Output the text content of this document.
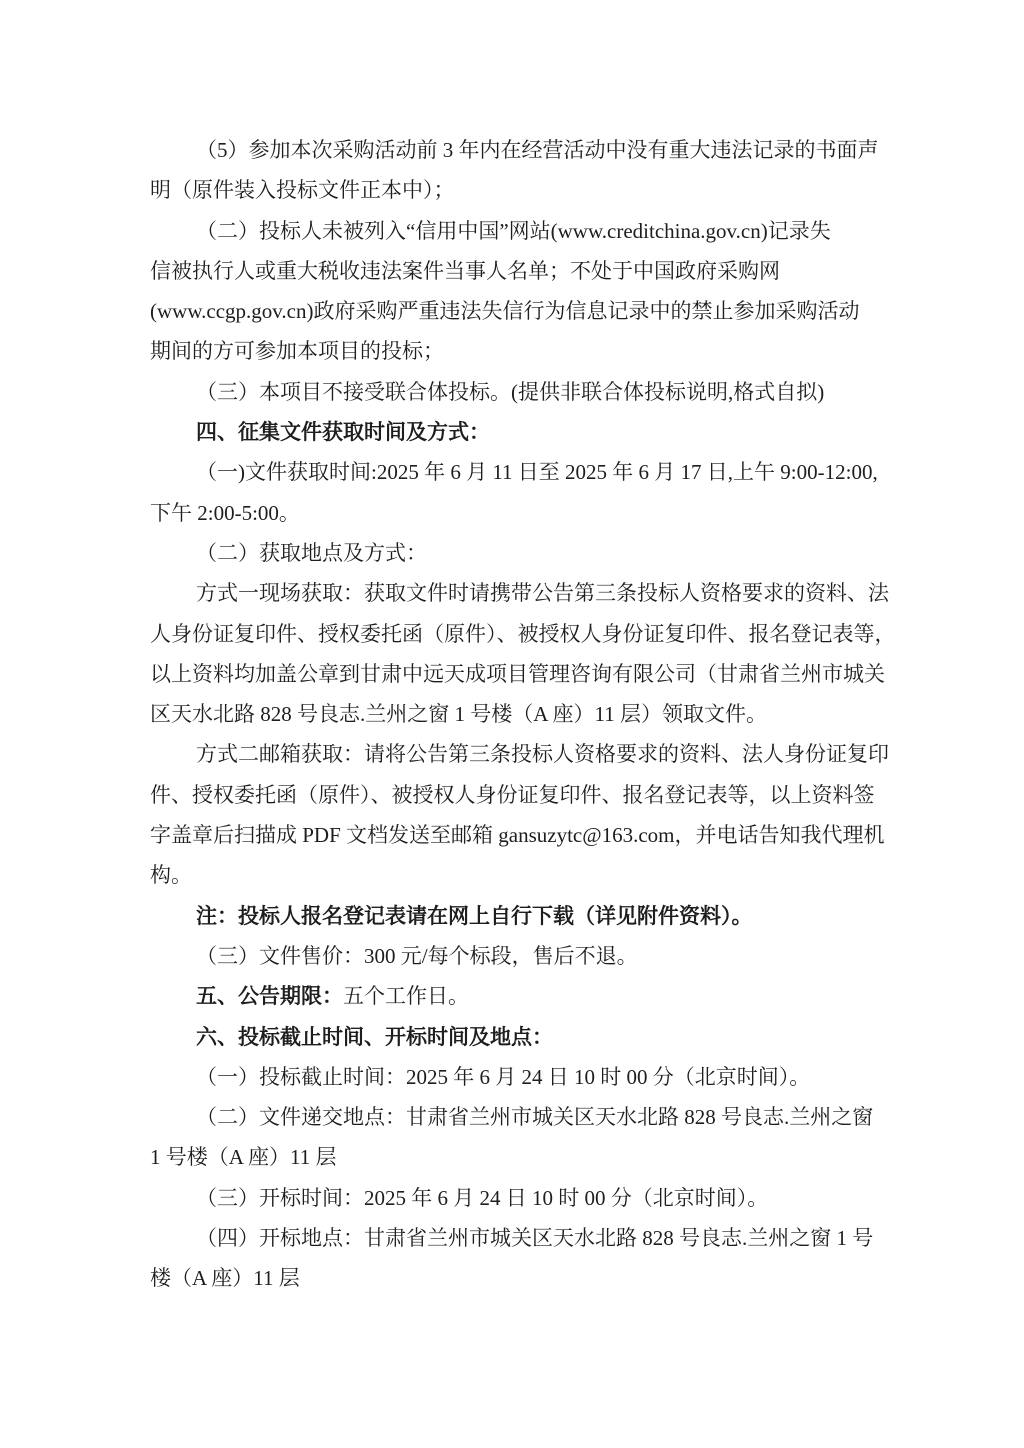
（5）参加本次采购活动前 3 年内在经营活动中没有重大违法记录的书面声
明（原件装入投标文件正本中）；
（二）投标人未被列入“信用中国”网站(www.creditchina.gov.cn)记录失
信被执行人或重大税收违法案件当事人名单；不处于中国政府采购网
(www.ccgp.gov.cn)政府采购严重违法失信行为信息记录中的禁止参加采购活动
期间的方可参加本项目的投标；
（三）本项目不接受联合体投标。(提供非联合体投标说明,格式自拟)
四、征集文件获取时间及方式：
（一)文件获取时间:2025 年 6 月 11 日至 2025 年 6 月 17 日,上午 9:00-12:00,
下午 2:00-5:00。
（二）获取地点及方式：
方式一现场获取：获取文件时请携带公告第三条投标人资格要求的资料、法
人身份证复印件、授权委托函（原件）、被授权人身份证复印件、报名登记表等，
以上资料均加盖公章到甘肃中远天成项目管理咨询有限公司（甘肃省兰州市城关
区天水北路 828 号良志.兰州之窗 1 号楼（A 座）11 层）领取文件。
方式二邮箱获取：请将公告第三条投标人资格要求的资料、法人身份证复印
件、授权委托函（原件）、被授权人身份证复印件、报名登记表等，以上资料签
字盖章后扫描成 PDF 文档发送至邮箱 gansuzytc@163.com，并电话告知我代理机
构。
注：投标人报名登记表请在网上自行下载（详见附件资料）。
（三）文件售价：300 元/每个标段，售后不退。
五、公告期限：五个工作日。
六、投标截止时间、开标时间及地点：
（一）投标截止时间：2025 年 6 月 24 日 10 时 00 分（北京时间）。
（二）文件递交地点：甘肃省兰州市城关区天水北路 828 号良志.兰州之窗
1 号楼（A 座）11 层
（三）开标时间：2025 年 6 月 24 日 10 时 00 分（北京时间）。
（四）开标地点：甘肃省兰州市城关区天水北路 828 号良志.兰州之窗 1 号
楼（A 座）11 层
